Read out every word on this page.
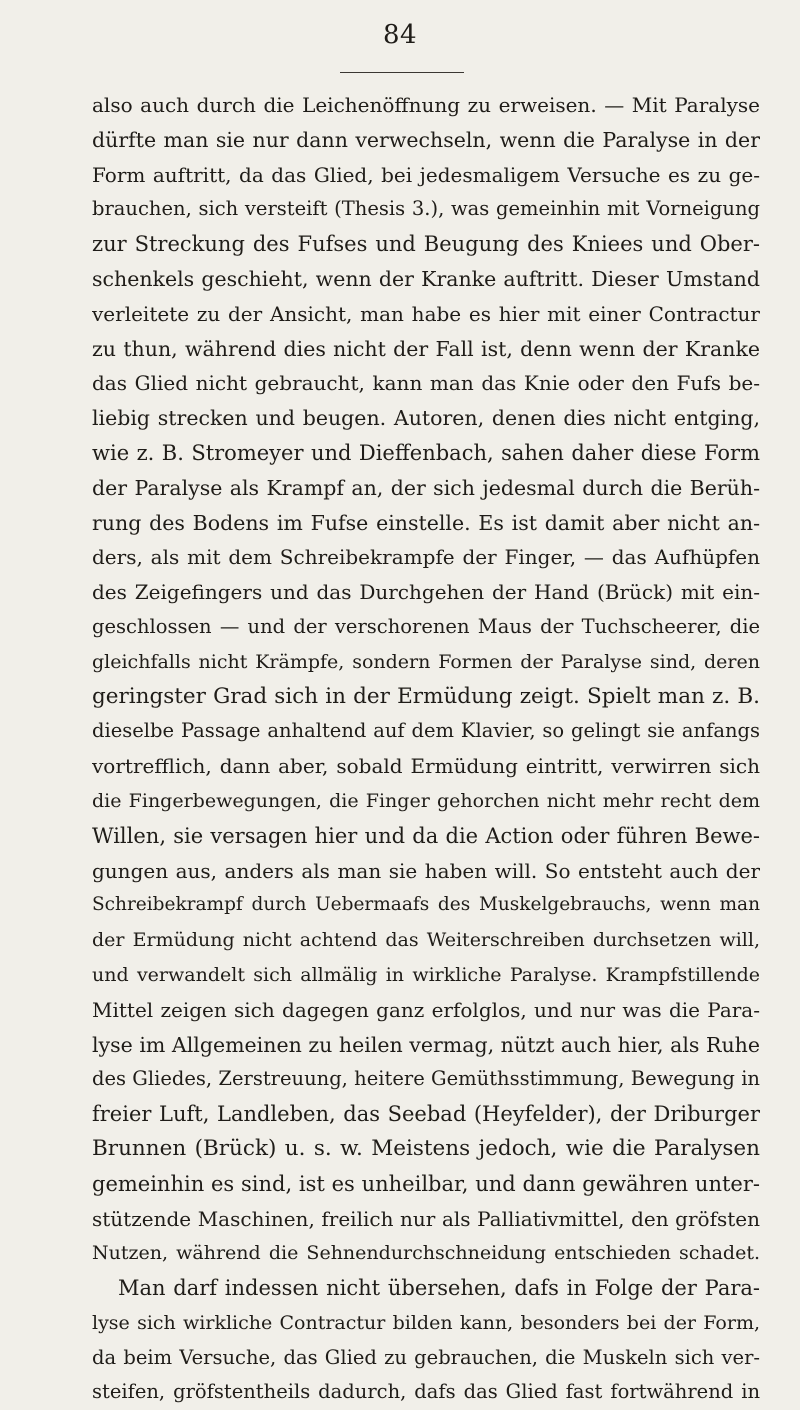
84
also auch durch die Leichenöffnung zu erweisen. — Mit Paralyse
dürfte man sie nur dann verwechseln, wenn die Paralyse in der
Form auftritt, da das Glied, bei jedesmaligem Versuche es zu ge-
brauchen, sich versteift (Thesis 3.), was gemeinhin mit Vorneigung
zur Streckung des Fufses und Beugung des Kniees und Ober-
schenkels geschieht, wenn der Kranke auftritt. Dieser Umstand
verleitete zu der Ansicht, man habe es hier mit einer Contractur
zu thun, während dies nicht der Fall ist, denn wenn der Kranke
das Glied nicht gebraucht, kann man das Knie oder den Fufs be-
liebig strecken und beugen. Autoren, denen dies nicht entging,
wie z. B. Stromeyer und Dieffenbach, sahen daher diese Form
der Paralyse als Krampf an, der sich jedesmal durch die Berüh-
rung des Bodens im Fufse einstelle. Es ist damit aber nicht an-
ders, als mit dem Schreibekrampfe der Finger, — das Aufhüpfen
des Zeigefingers und das Durchgehen der Hand (Brück) mit ein-
geschlossen — und der verschorenen Maus der Tuchscheerer, die
gleichfalls nicht Krämpfe, sondern Formen der Paralyse sind, deren
geringster Grad sich in der Ermüdung zeigt. Spielt man z. B.
dieselbe Passage anhaltend auf dem Klavier, so gelingt sie anfangs
vortrefflich, dann aber, sobald Ermüdung eintritt, verwirren sich
die Fingerbewegungen, die Finger gehorchen nicht mehr recht dem
Willen, sie versagen hier und da die Action oder führen Bewe-
gungen aus, anders als man sie haben will. So entsteht auch der
Schreibekrampf durch Uebermaafs des Muskelgebrauchs, wenn man
der Ermüdung nicht achtend das Weiterschreiben durchsetzen will,
und verwandelt sich allmälig in wirkliche Paralyse. Krampfstillende
Mittel zeigen sich dagegen ganz erfolglos, und nur was die Para-
lyse im Allgemeinen zu heilen vermag, nützt auch hier, als Ruhe
des Gliedes, Zerstreuung, heitere Gemüthsstimmung, Bewegung in
freier Luft, Landleben, das Seebad (Heyfelder), der Driburger
Brunnen (Brück) u. s. w. Meistens jedoch, wie die Paralysen
gemeinhin es sind, ist es unheilbar, und dann gewähren unter-
stützende Maschinen, freilich nur als Palliativmittel, den gröfsten
Nutzen, während die Sehnendurchschneidung entschieden schadet.
Man darf indessen nicht übersehen, dafs in Folge der Para-
lyse sich wirkliche Contractur bilden kann, besonders bei der Form,
da beim Versuche, das Glied zu gebrauchen, die Muskeln sich ver-
steifen, gröfstentheils dadurch, dafs das Glied fast fortwährend in
